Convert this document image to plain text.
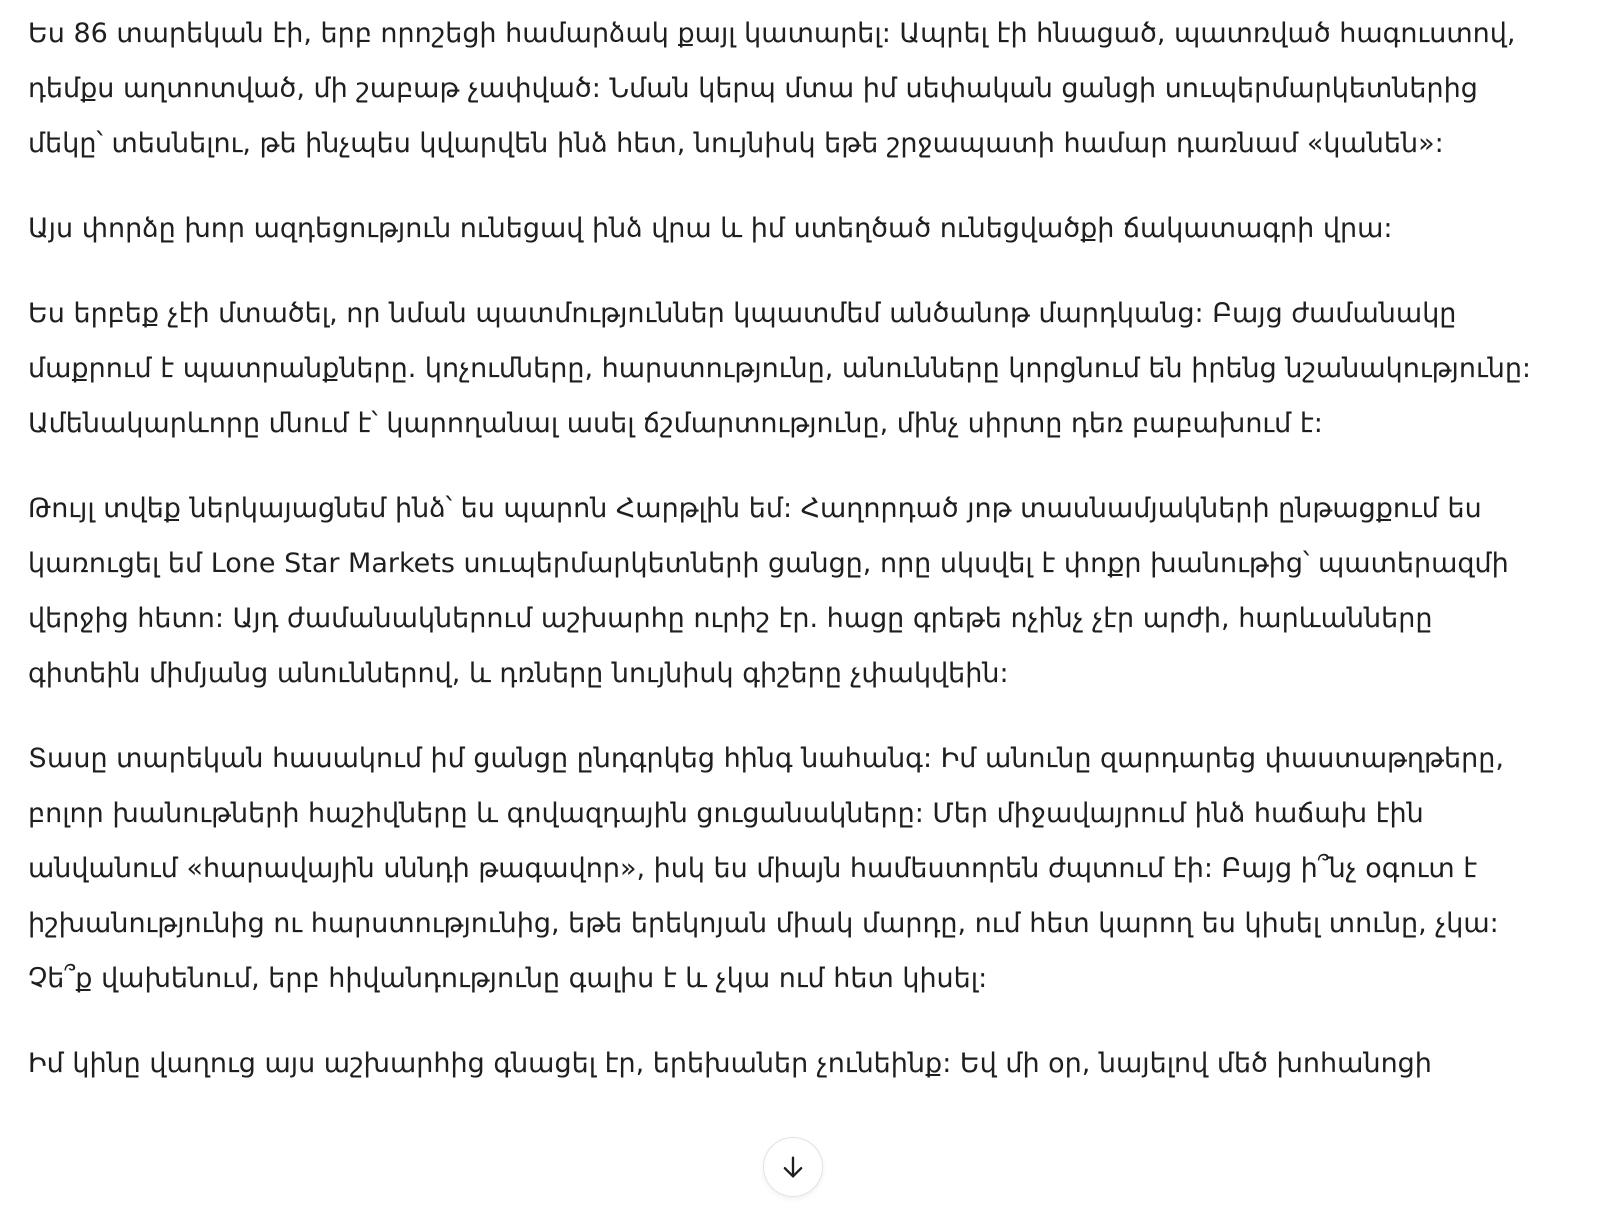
Ես 86 տարեկան էի, երբ որոշեցի համարձակ քայլ կատարել: Ապրել էի հնացած, պատռված հագուստով, դեմքս աղտոտված, մի շաբաթ չափված: Նման կերպ մտա իմ սեփական ցանցի սուպերմարկետներից մեկը՝ տեսնելու, թե ինչպես կվարվեն ինձ հետ, նույնիսկ եթե շրջապատի համար դառնամ «կանեն»:

Այս փորձը խոր ազդեցություն ունեցավ ինձ վրա և իմ ստեղծած ունեցվածքի ճակատագրի վրա:

Ես երբեք չէի մտածել, որ նման պատմություններ կպատմեմ անծանոթ մարդկանց: Բայց ժամանակը մաքրում է պատրանքները. կոչումները, հարստությունը, անունները կորցնում են իրենց նշանակությունը: Ամենակարևորը մնում է՝ կարողանալ ասել ճշմարտությունը, մինչ սիրտը դեռ բաբախում է:

Թույլ տվեք ներկայացնեմ ինձ՝ ես պարոն Հարթլին եմ: Հաղորդած յոթ տասնամյակների ընթացքում ես կառուցել եմ Lone Star Markets սուպերմարկետների ցանցը, որը սկսվել է փոքր խանութից՝ պատերազմի վերջից հետո: Այդ ժամանակներում աշխարհը ուրիշ էր. հացը գրեթե ոչինչ չէր արժի, հարևանները գիտեին միմյանց անուններով, և դռները նույնիսկ գիշերը չփակվեին:

Տասը տարեկան հասակում իմ ցանցը ընդգրկեց հինգ նահանգ: Իմ անունը զարդարեց փաստաթղթերը, բոլոր խանութների հաշիվները և գովազդային ցուցանակները: Մեր միջավայրում ինձ հաճախ էին անվանում «հարավային սննդի թագավոր», իսկ ես միայն համեստորեն ժպտում էի: Բայց ի՞նչ օգուտ է իշխանությունից ու հարստությունից, եթե երեկոյան միակ մարդը, ում հետ կարող ես կիսել տունը, չկա: Չե՞ք վախենում, երբ հիվանդությունը գալիս է և չկա ում հետ կիսել:

Իմ կինը վաղուց այս աշխարհից գնացել էր, երեխաներ չունեինք: Եվ մի օր, նայելով մեծ խոհանոցի
